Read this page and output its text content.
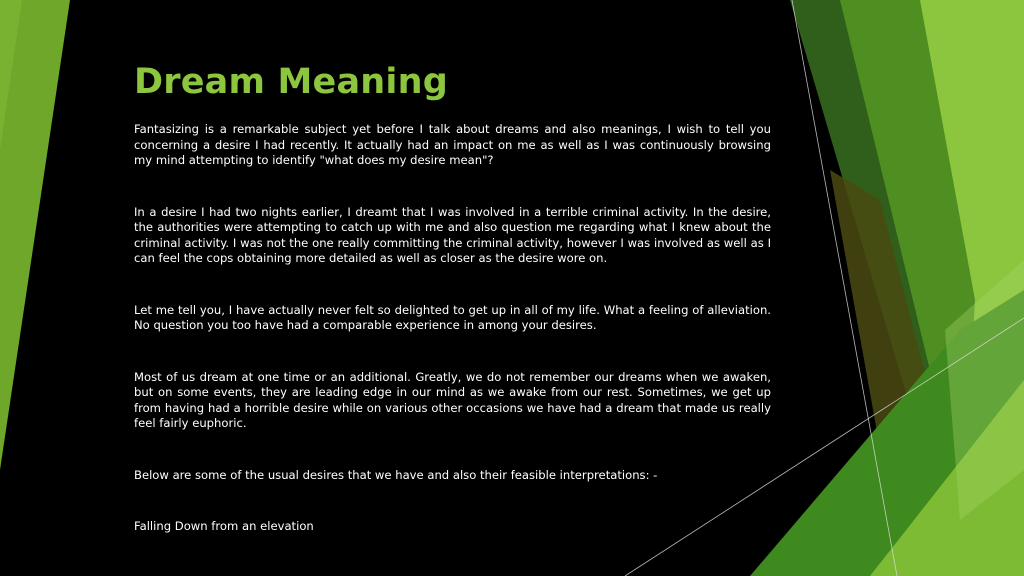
Dream Meaning

Fantasizing is a remarkable subject yet before I talk about dreams and also meanings, I wish to tell you concerning a desire I had recently. It actually had an impact on me as well as I was continuously browsing my mind attempting to identify "what does my desire mean"?

In a desire I had two nights earlier, I dreamt that I was involved in a terrible criminal activity. In the desire, the authorities were attempting to catch up with me and also question me regarding what I knew about the criminal activity. I was not the one really committing the criminal activity, however I was involved as well as I can feel the cops obtaining more detailed as well as closer as the desire wore on.

Let me tell you, I have actually never felt so delighted to get up in all of my life. What a feeling of alleviation. No question you too have had a comparable experience in among your desires.

Most of us dream at one time or an additional. Greatly, we do not remember our dreams when we awaken, but on some events, they are leading edge in our mind as we awake from our rest. Sometimes, we get up from having had a horrible desire while on various other occasions we have had a dream that made us really feel fairly euphoric.

Below are some of the usual desires that we have and also their feasible interpretations: -

Falling Down from an elevation
